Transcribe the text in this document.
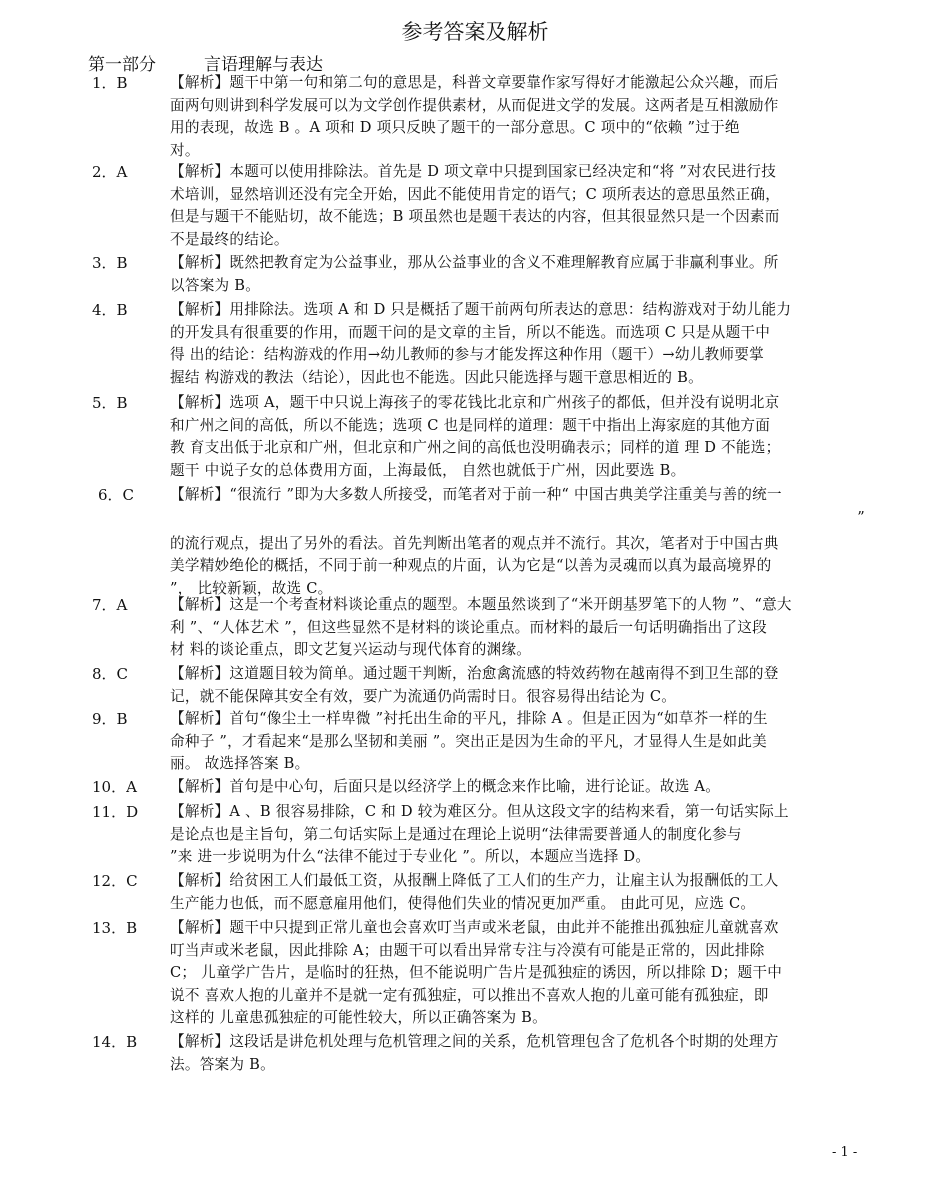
参考答案及解析
第一部分	言语理解与表达
1．B	【解析】题干中第一句和第二句的意思是，科普文章要靠作家写得好才能激起公众兴趣，而后
面两句则讲到科学发展可以为文学创作提供素材，从而促进文学的发展。这两者是互相激励作
用的表现，故选 B 。A 项和 D 项只反映了题干的一部分意思。C 项中的“依赖 ”过于绝
对。
2．A	【解析】本题可以使用排除法。首先是 D 项文章中只提到国家已经决定和“将 ”对农民进行技
术培训，显然培训还没有完全开始，因此不能使用肯定的语气；C 项所表达的意思虽然正确，
但是与题干不能贴切，故不能选；B 项虽然也是题干表达的内容，但其很显然只是一个因素而
不是最终的结论。
3．B	【解析】既然把教育定为公益事业，那从公益事业的含义不难理解教育应属于非赢利事业。所
以答案为 B。
4．B	【解析】用排除法。选项 A 和 D 只是概括了题干前两句所表达的意思：结构游戏对于幼儿能力
的开发具有很重要的作用，而题干问的是文章的主旨，所以不能选。而选项 C 只是从题干中
得 出的结论：结构游戏的作用→幼儿教师的参与才能发挥这种作用（题干）→幼儿教师要掌
握结 构游戏的教法（结论），因此也不能选。因此只能选择与题干意思相近的 B。
5．B	【解析】选项 A，题干中只说上海孩子的零花钱比北京和广州孩子的都低，但并没有说明北京
和广州之间的高低，所以不能选；选项 C 也是同样的道理：题干中指出上海家庭的其他方面
教 育支出低于北京和广州，但北京和广州之间的高低也没明确表示；同样的道 理 D 不能选；
题干 中说子女的总体费用方面，上海最低， 自然也就低于广州，因此要选 B。
6．C 【解析】“很流行 ”即为大多数人所接受，而笔者对于前一种“ 中国古典美学注重美与善的统一
”
的流行观点，提出了另外的看法。首先判断出笔者的观点并不流行。其次，笔者对于中国古典
美学精妙绝伦的概括，不同于前一种观点的片面，认为它是“以善为灵魂而以真为最高境界的
”， 比较新颖，故选 C。
7．A	【解析】这是一个考查材料谈论重点的题型。本题虽然谈到了“米开朗基罗笔下的人物 ”、“意大
利 ”、“人体艺术 ”，但这些显然不是材料的谈论重点。而材料的最后一句话明确指出了这段
材 料的谈论重点，即文艺复兴运动与现代体育的渊缘。
8．C	【解析】这道题目较为简单。通过题干判断，治愈禽流感的特效药物在越南得不到卫生部的登
记，就不能保障其安全有效，要广为流通仍尚需时日。很容易得出结论为 C。
9．B	【解析】首句“像尘土一样卑微 ”衬托出生命的平凡，排除 A 。但是正因为“如草芥一样的生
命种子 ”，才看起来“是那么坚韧和美丽 ”。突出正是因为生命的平凡，才显得人生是如此美
丽。 故选择答案 B。
10．A 【解析】首句是中心句，后面只是以经济学上的概念来作比喻，进行论证。故选 A。
11．D 【解析】A 、B 很容易排除，C 和 D 较为难区分。但从这段文字的结构来看，第一句话实际上
是论点也是主旨句，第二句话实际上是通过在理论上说明“法律需要普通人的制度化参与
”来 进一步说明为什么“法律不能过于专业化 ”。所以，本题应当选择 D。
12．C 【解析】给贫困工人们最低工资，从报酬上降低了工人们的生产力，让雇主认为报酬低的工人
生产能力也低，而不愿意雇用他们，使得他们失业的情况更加严重。 由此可见，应选 C。
13．B 【解析】题干中只提到正常儿童也会喜欢叮当声或米老鼠，由此并不能推出孤独症儿童就喜欢
叮当声或米老鼠，因此排除 A；由题干可以看出异常专注与冷漠有可能是正常的，因此排除
C； 儿童学广告片，是临时的狂热，但不能说明广告片是孤独症的诱因，所以排除 D；题干中
说不 喜欢人抱的儿童并不是就一定有孤独症，可以推出不喜欢人抱的儿童可能有孤独症，即
这样的 儿童患孤独症的可能性较大，所以正确答案为 B。
14．B 【解析】这段话是讲危机处理与危机管理之间的关系，危机管理包含了危机各个时期的处理方
法。答案为 B。
- 1 -
